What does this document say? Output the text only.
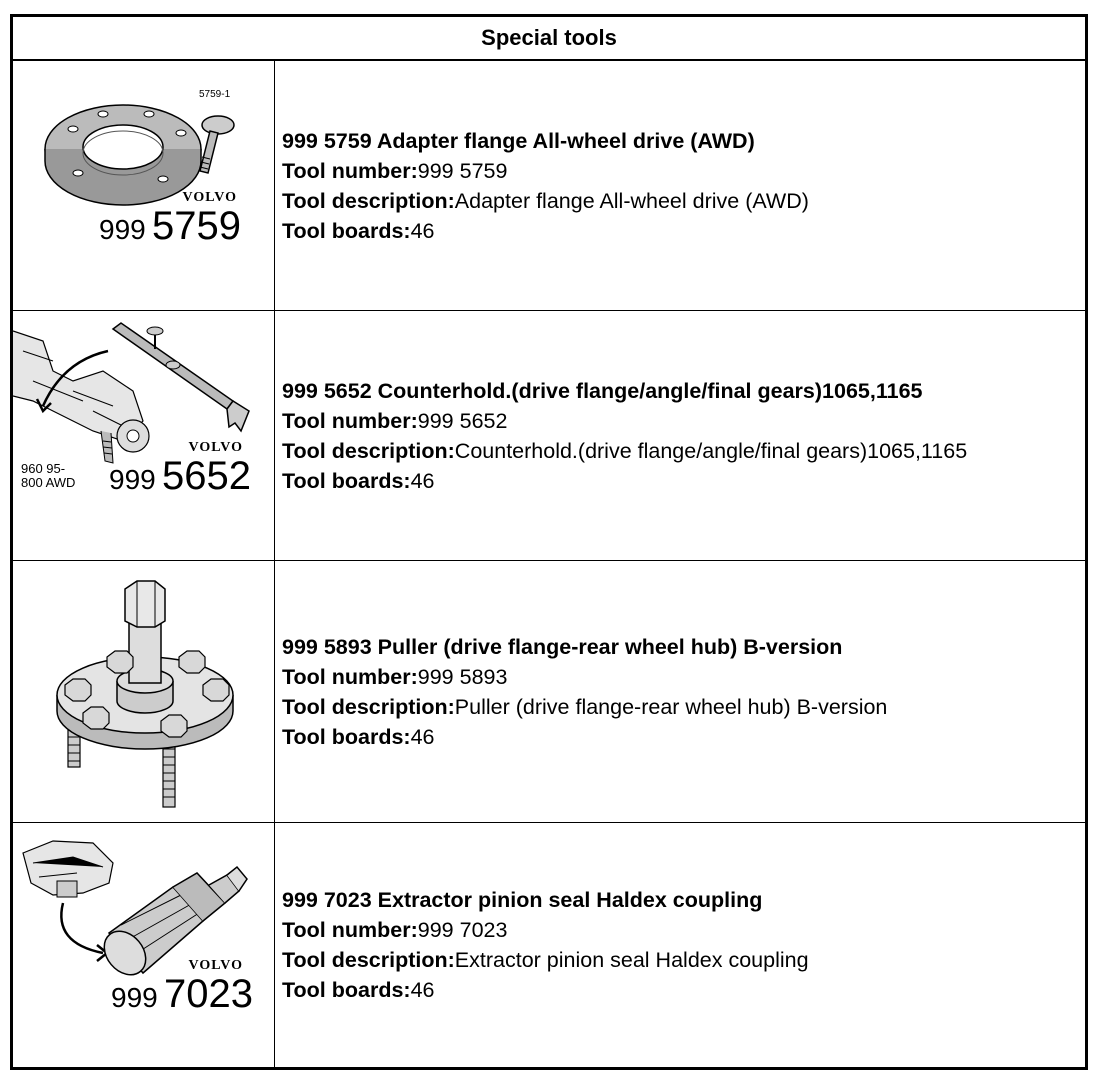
Special tools
5759-1
VOLVO
999 5759
999 5759 Adapter flange All-wheel drive (AWD)
Tool number:999 5759
Tool description:Adapter flange All-wheel drive (AWD)
Tool boards:46
VOLVO
960 95-
800 AWD 999 5652
999 5652 Counterhold.(drive flange/angle/final gears)1065,1165
Tool number:999 5652
Tool description:Counterhold.(drive flange/angle/final gears)1065,1165
Tool boards:46
999 5893 Puller (drive flange-rear wheel hub) B-version
Tool number:999 5893
Tool description:Puller (drive flange-rear wheel hub) B-version
Tool boards:46
VOLVO
999 7023
999 7023 Extractor pinion seal Haldex coupling
Tool number:999 7023
Tool description:Extractor pinion seal Haldex coupling
Tool boards:46
